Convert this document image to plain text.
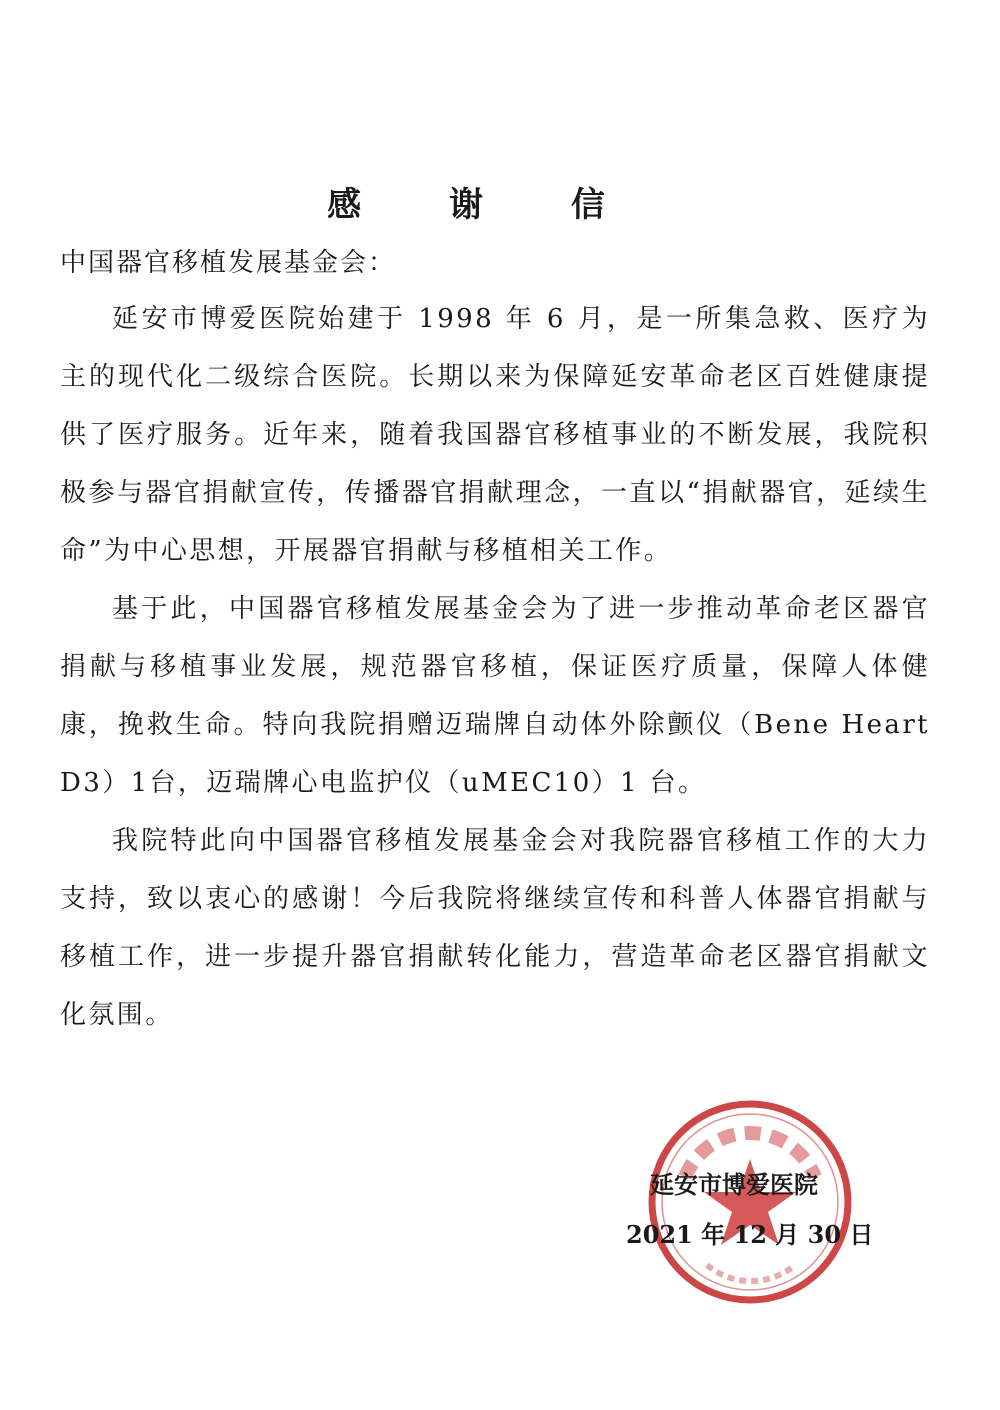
感 谢 信
中国器官移植发展基金会：

延安市博爱医院始建于 1998 年 6 月，是一所集急救、医疗为主的现代化二级综合医院。长期以来为保障延安革命老区百姓健康提供了医疗服务。近年来，随着我国器官移植事业的不断发展，我院积极参与器官捐献宣传，传播器官捐献理念，一直以“捐献器官，延续生命”为中心思想，开展器官捐献与移植相关工作。

基于此，中国器官移植发展基金会为了进一步推动革命老区器官捐献与移植事业发展，规范器官移植，保证医疗质量，保障人体健康，挽救生命。特向我院捐赠迈瑞牌自动体外除颤仪（Bene Heart D3）1台，迈瑞牌心电监护仪（uMEC10）1 台。

我院特此向中国器官移植发展基金会对我院器官移植工作的大力支持，致以衷心的感谢！今后我院将继续宣传和科普人体器官捐献与移植工作，进一步提升器官捐献转化能力，营造革命老区器官捐献文化氛围。

延安市博爱医院
2021 年 12 月 30 日
